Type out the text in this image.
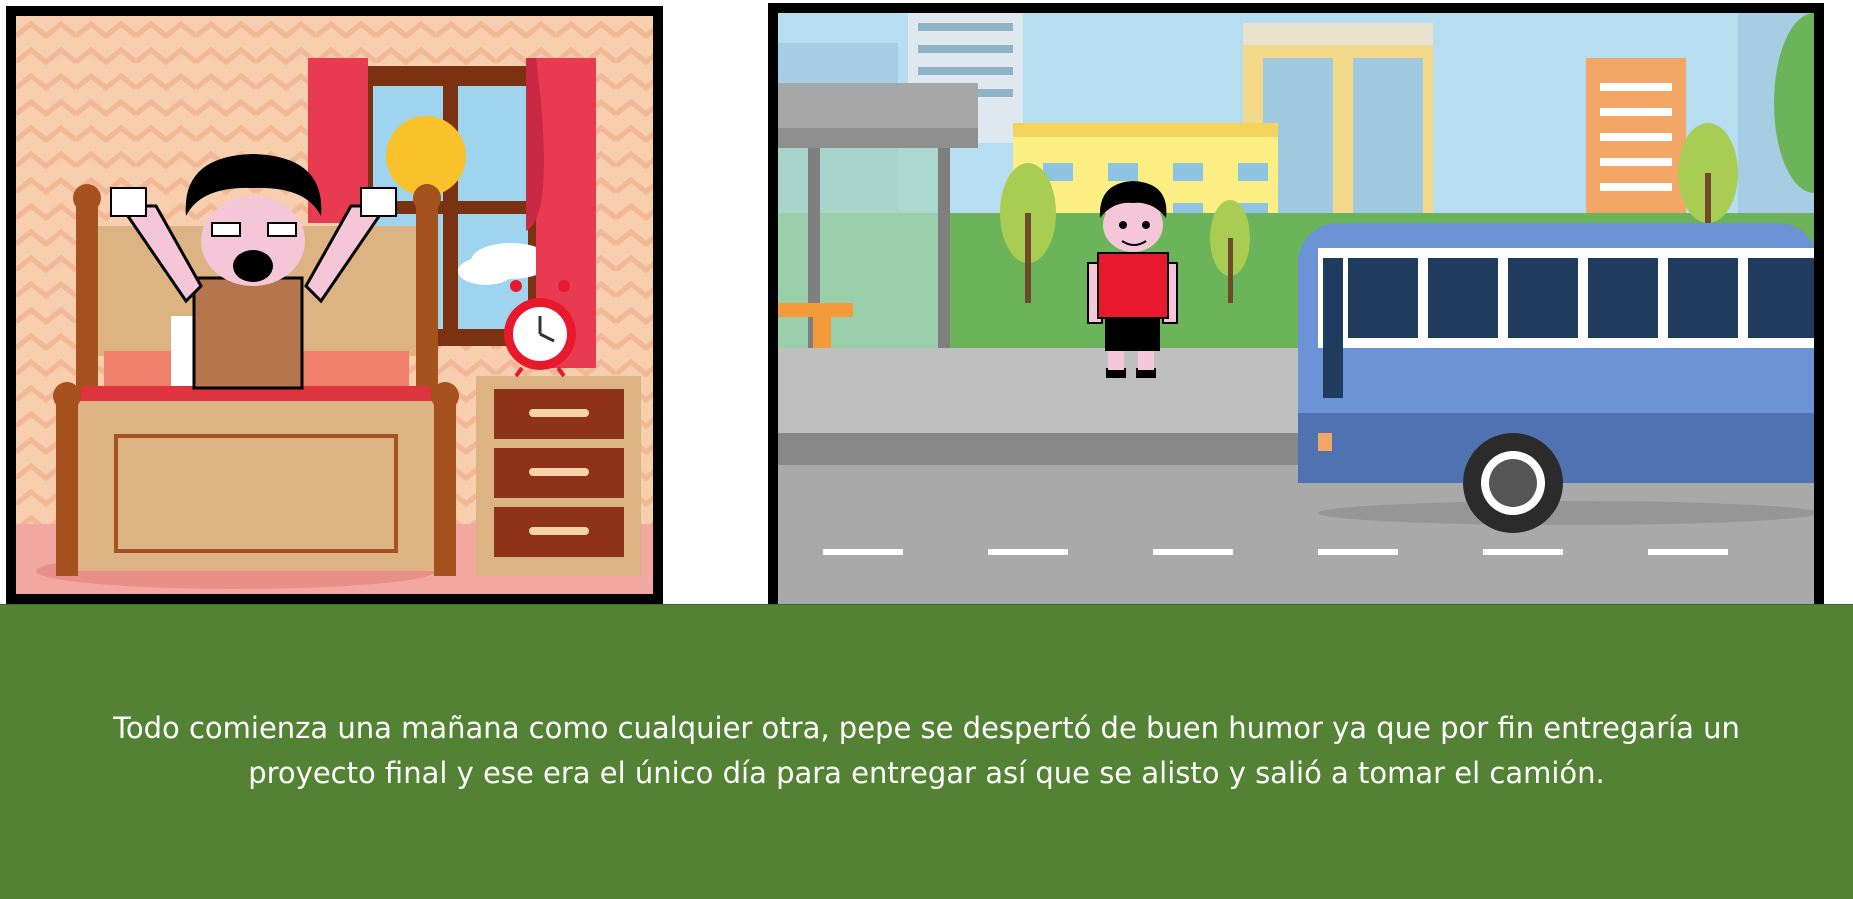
Todo comienza una mañana como cualquier otra, pepe se despertó de buen humor ya que por fin entregaría un proyecto final y ese era el único día para entregar así que se alisto y salió a tomar el camión.
